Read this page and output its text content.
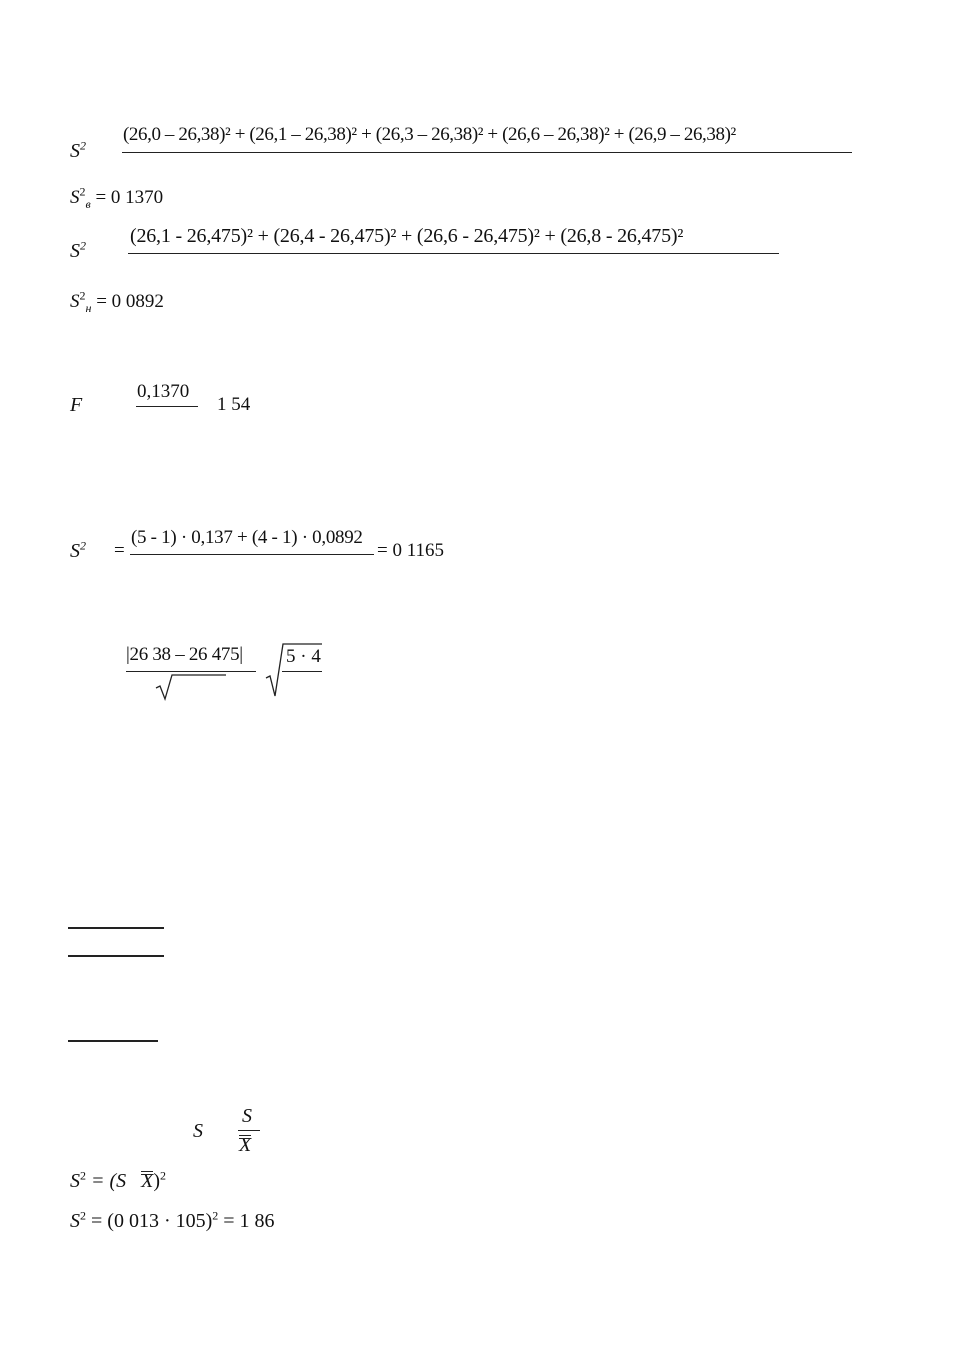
$S^2$
(26,0 – 26,38)² + (26,1 – 26,38)² + (26,3 – 26,38)² + (26,6 – 26,38)² + (26,9 – 26,38)²
$S^2_в = 0$ 1370
$S^2$ (26,1 - 26,475)² + (26,4 - 26,475)² + (26,6 - 26,475)² + (26,8 - 26,475)²
$S^2_н = 0$ 0892
F
0,1370
1 54
$S^2$ =
(5 - 1) · 0,137 + (4 - 1) · 0,0892
= 0 1165
|26 38 – 26 475| 5 · 4
S
S
X
$S^2 = (S$ X)$^2$
$S^2 = (0$ 013 · 105)$^2$ = 1 86
